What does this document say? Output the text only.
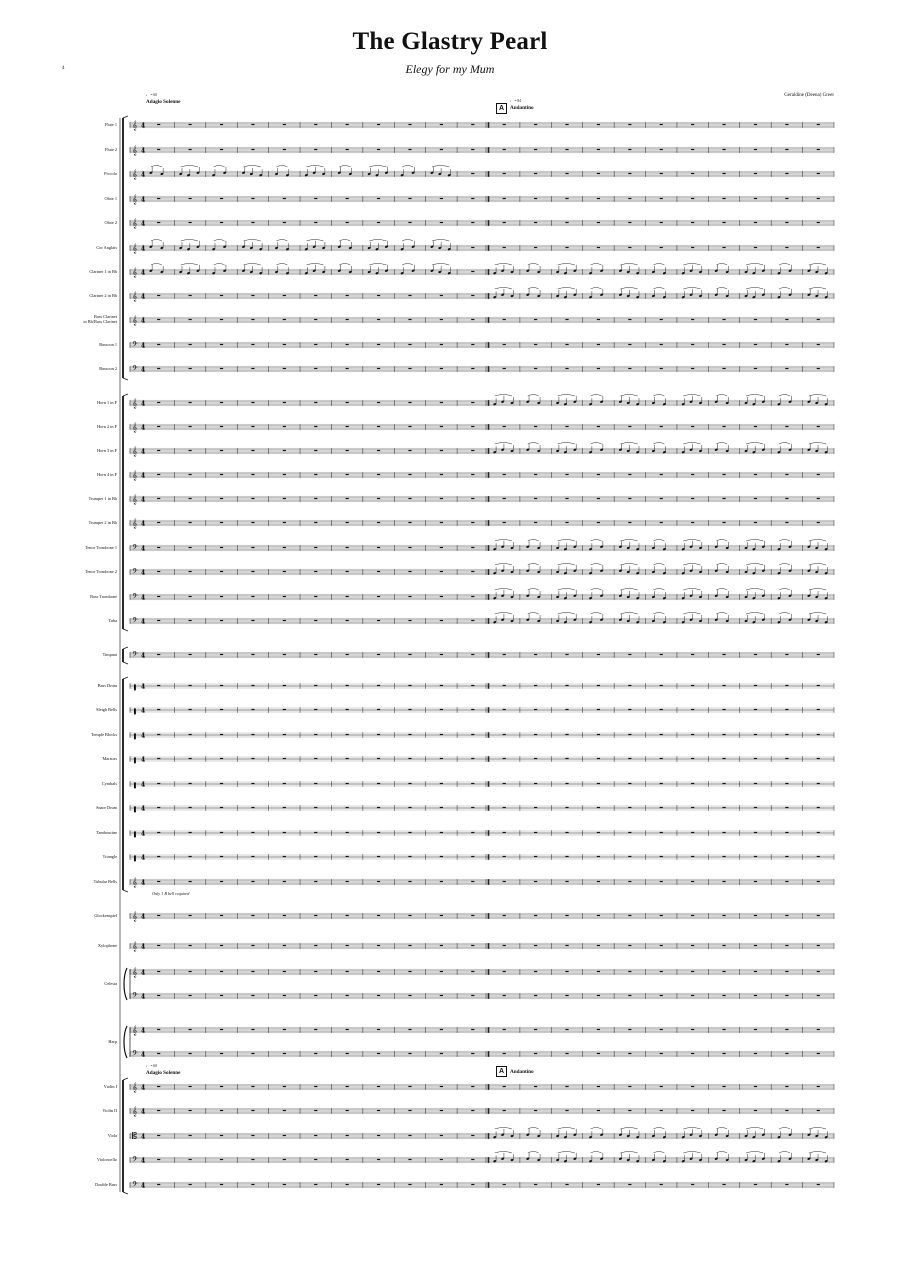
4
The Glastry Pearl
Elegy for my Mum
Geraldine (Deena) Greer
♩ = 60
Adagio Solenne
A
♩ = 84
Andantino
♩ = 60
Adagio Solenne	A	Andantino
Only 1 B bell required
𝄞 4
𝄞 4
𝄞 4
𝄞 4
𝄞 4
𝄞 4
𝄞 4
𝄞 4
𝄞 4
𝄢 4
𝄢 4
𝄞 4
𝄞 4
𝄞 4
𝄞 4
𝄞 4
𝄞 4
𝄢 4
𝄢 4
𝄢 4
𝄢 4
𝄢 4
▐ 4
▐ 4
▐ 4
▐ 4
▐ 4
▐ 4
▐ 4
▐ 4
𝄞 4
𝄞 4
𝄞 4
𝄞 4
𝄢 4
𝄞 4
𝄢 4
𝄞 4
𝄞 4
𝄡 4
𝄢 4
𝄢 4
Flute 1
Flute 2
Piccolo
Oboe 1
Oboe 2
Cor Anglais
Clarinet 1 in Bb
Clarinet 2 in Bb
Bass Clarinet
in Bb/Bass Clarinet
Bassoon 1
Bassoon 2
Horn 1 in F
Horn 2 in F
Horn 3 in F
Horn 4 in F
Trumpet 1 in Bb
Trumpet 2 in Bb
Tenor Trombone 1
Tenor Trombone 2
Bass Trombone
Tuba
Timpani
Bass Drum
Sleigh Bells
Temple Blocks
Maracas
Cymbals
Snare Drum
Tambourine
Triangle
Tubular Bells
Glockenspiel
Xylophone
Celesta
Harp
Violin I
Violin II
Viola
Violoncello
Double Bass
